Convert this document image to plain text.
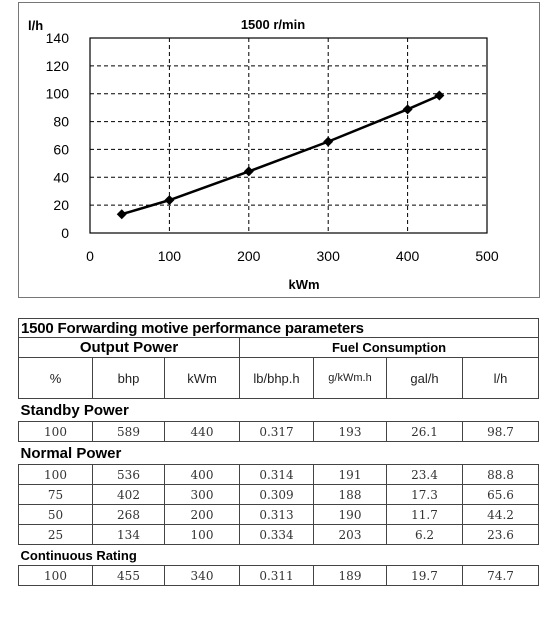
1500 r/min
l/h
kWm
0	100	200	300	400	500
0
20
40
60
80
100
120
140
1500 Forwarding motive performance parameters						
Output Power			Fuel Consumption			
%	bhp	kWm	lb/bhp.h	g/kWm.h	gal/h	l/h
Standby Power						
100	589	440	0.317	193	26.1	98.7
Normal Power						
100	536	400	0.314	191	23.4	88.8
75	402	300	0.309	188	17.3	65.6
50	268	200	0.313	190	11.7	44.2
25	134	100	0.334	203	6.2	23.6
Continuous Rating						
100	455	340	0.311	189	19.7	74.7
